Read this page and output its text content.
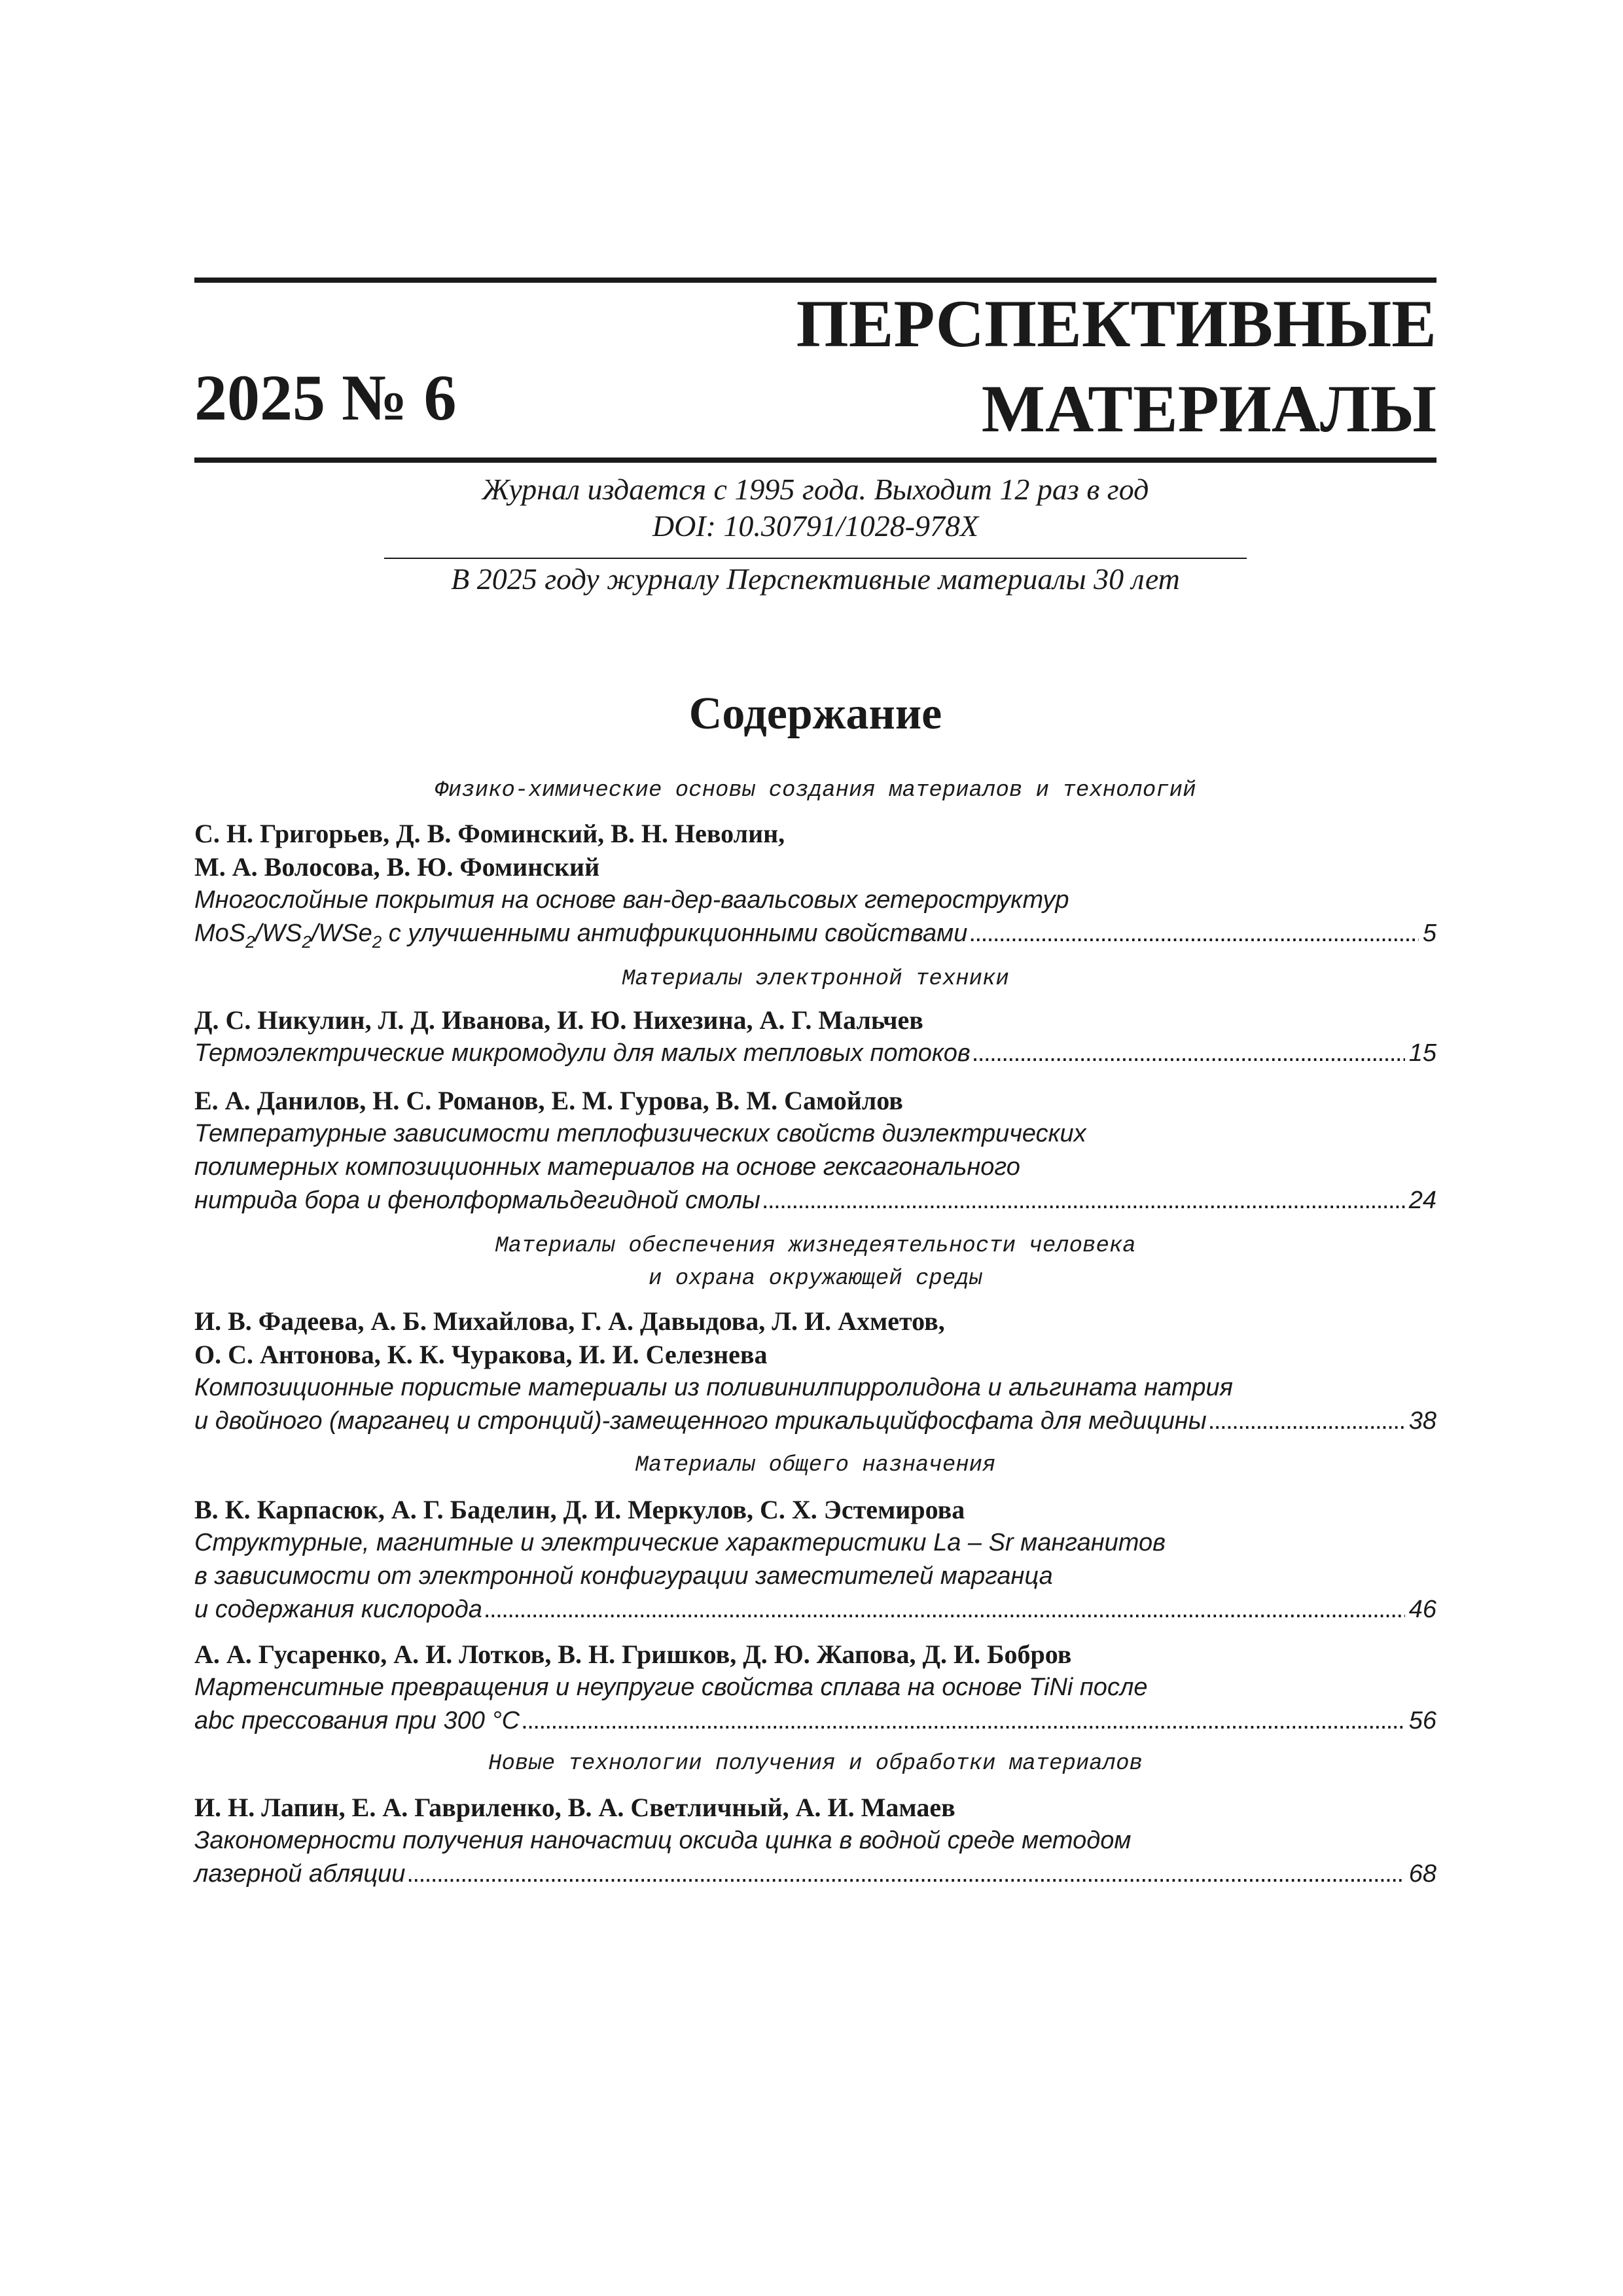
2025 № 6
ПЕРСПЕКТИВНЫЕ
МАТЕРИАЛЫ
Журнал издается с 1995 года. Выходит 12 раз в год
DOI: 10.30791/1028-978X
В 2025 году журналу Перспективные материалы 30 лет
Содержание
Физико-химические основы создания материалов и технологий
С. Н. Григорьев, Д. В. Фоминский, В. Н. Неволин,
М. А. Волосова, В. Ю. Фоминский
Многослойные покрытия на основе ван-дер-ваальсовых гетероструктур
$MoS_2/WS_2/WSe_2$ с улучшенными антифрикционными свойствами . . .	5
Материалы электронной техники
Д. С. Никулин, Л. Д. Иванова, И. Ю. Нихезина, А. Г. Мальчев
Термоэлектрические микромодули для малых тепловых потоков . . .	15
Е. А. Данилов, Н. С. Романов, Е. М. Гурова, В. М. Самойлов
Температурные зависимости теплофизических свойств диэлектрических
полимерных композиционных материалов на основе гексагонального
нитрида бора и фенолформальдегидной смолы . . .	24
Материалы обеспечения жизнедеятельности человека
и охрана окружающей среды
И. В. Фадеева, А. Б. Михайлова, Г. А. Давыдова, Л. И. Ахметов,
О. С. Антонова, К. К. Чуракова, И. И. Селезнева
Композиционные пористые материалы из поливинилпирролидона и альгината натрия
и двойного (марганец и стронций)-замещенного трикальцийфосфата для медицины . . .	38
Материалы общего назначения
В. К. Карпасюк, А. Г. Баделин, Д. И. Меркулов, С. Х. Эстемирова
Структурные, магнитные и электрические характеристики La – Sr манганитов
в зависимости от электронной конфигурации заместителей марганца
и содержания кислорода . . .	46
А. А. Гусаренко, А. И. Лотков, В. Н. Гришков, Д. Ю. Жапова, Д. И. Бобров
Мартенситные превращения и неупругие свойства сплава на основе TiNi после
abc прессования при 300 °С . . .	56
Новые технологии получения и обработки материалов
И. Н. Лапин, Е. А. Гавриленко, В. А. Светличный, А. И. Мамаев
Закономерности получения наночастиц оксида цинка в водной среде методом
лазерной абляции . . .	68
